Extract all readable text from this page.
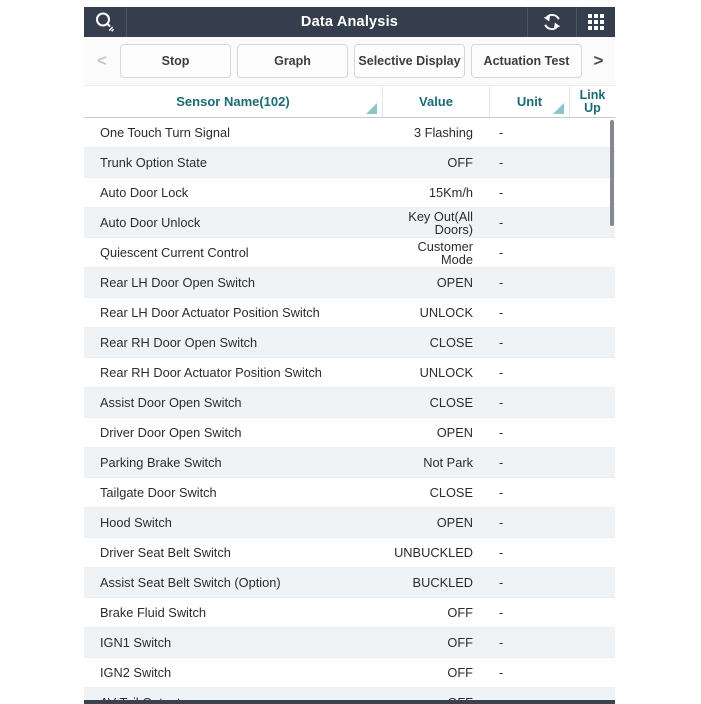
Data Analysis
<	Stop	Graph	Selective Display	Actuation Test	>
Sensor Name(102)	Value	Unit	Link Up
One Touch Turn Signal	3 Flashing -
Trunk Option State	OFF -
Auto Door Lock	15Km/h -
Auto Door Unlock	Key Out(All Doors) -
Quiescent Current Control	Customer Mode -
Rear LH Door Open Switch	OPEN -
Rear LH Door Actuator Position Switch	UNLOCK -
Rear RH Door Open Switch	CLOSE -
Rear RH Door Actuator Position Switch	UNLOCK -
Assist Door Open Switch	CLOSE -
Driver Door Open Switch	OPEN -
Parking Brake Switch	Not Park -
Tailgate Door Switch	CLOSE -
Hood Switch	OPEN -
Driver Seat Belt Switch	UNBUCKLED -
Assist Seat Belt Switch (Option)	BUCKLED -
Brake Fluid Switch	OFF -
IGN1 Switch	OFF -
IGN2 Switch	OFF -
